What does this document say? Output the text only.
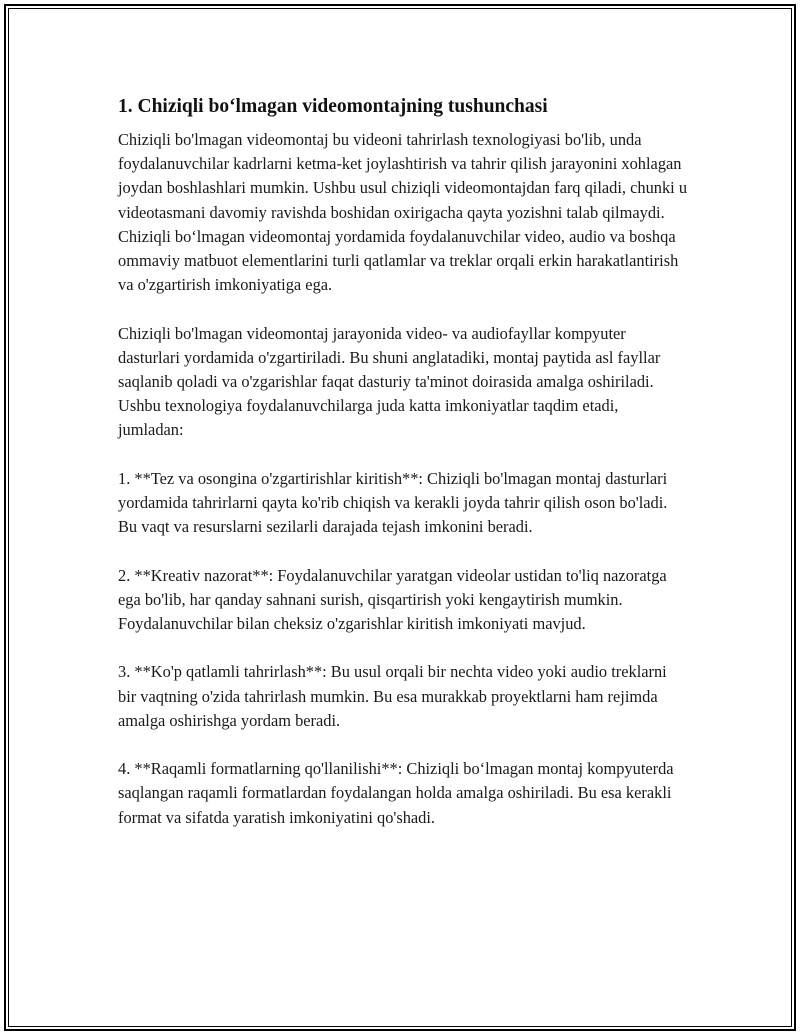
1. Chiziqli bo‘lmagan videomontajning tushunchasi

Chiziqli bo'lmagan videomontaj bu videoni tahrirlash texnologiyasi bo'lib, unda foydalanuvchilar kadrlarni ketma-ket joylashtirish va tahrir qilish jarayonini xohlagan joydan boshlashlari mumkin. Ushbu usul chiziqli videomontajdan farq qiladi, chunki u videotasmani davomiy ravishda boshidan oxirigacha qayta yozishni talab qilmaydi. Chiziqli bo‘lmagan videomontaj yordamida foydalanuvchilar video, audio va boshqa ommaviy matbuot elementlarini turli qatlamlar va treklar orqali erkin harakatlantirish va o'zgartirish imkoniyatiga ega.

Chiziqli bo'lmagan videomontaj jarayonida video- va audiofayllar kompyuter dasturlari yordamida o'zgartiriladi. Bu shuni anglatadiki, montaj paytida asl fayllar saqlanib qoladi va o'zgarishlar faqat dasturiy ta'minot doirasida amalga oshiriladi. Ushbu texnologiya foydalanuvchilarga juda katta imkoniyatlar taqdim etadi, jumladan:

1. **Tez va osongina o'zgartirishlar kiritish**: Chiziqli bo'lmagan montaj dasturlari yordamida tahrirlarni qayta ko'rib chiqish va kerakli joyda tahrir qilish oson bo'ladi. Bu vaqt va resurslarni sezilarli darajada tejash imkonini beradi.

2. **Kreativ nazorat**: Foydalanuvchilar yaratgan videolar ustidan to'liq nazoratga ega bo'lib, har qanday sahnani surish, qisqartirish yoki kengaytirish mumkin. Foydalanuvchilar bilan cheksiz o'zgarishlar kiritish imkoniyati mavjud.

3. **Ko'p qatlamli tahrirlash**: Bu usul orqali bir nechta video yoki audio treklarni bir vaqtning o'zida tahrirlash mumkin. Bu esa murakkab proyektlarni ham rejimda amalga oshirishga yordam beradi.

4. **Raqamli formatlarning qo'llanilishi**: Chiziqli bo‘lmagan montaj kompyuterda saqlangan raqamli formatlardan foydalangan holda amalga oshiriladi. Bu esa kerakli format va sifatda yaratish imkoniyatini qo'shadi.
